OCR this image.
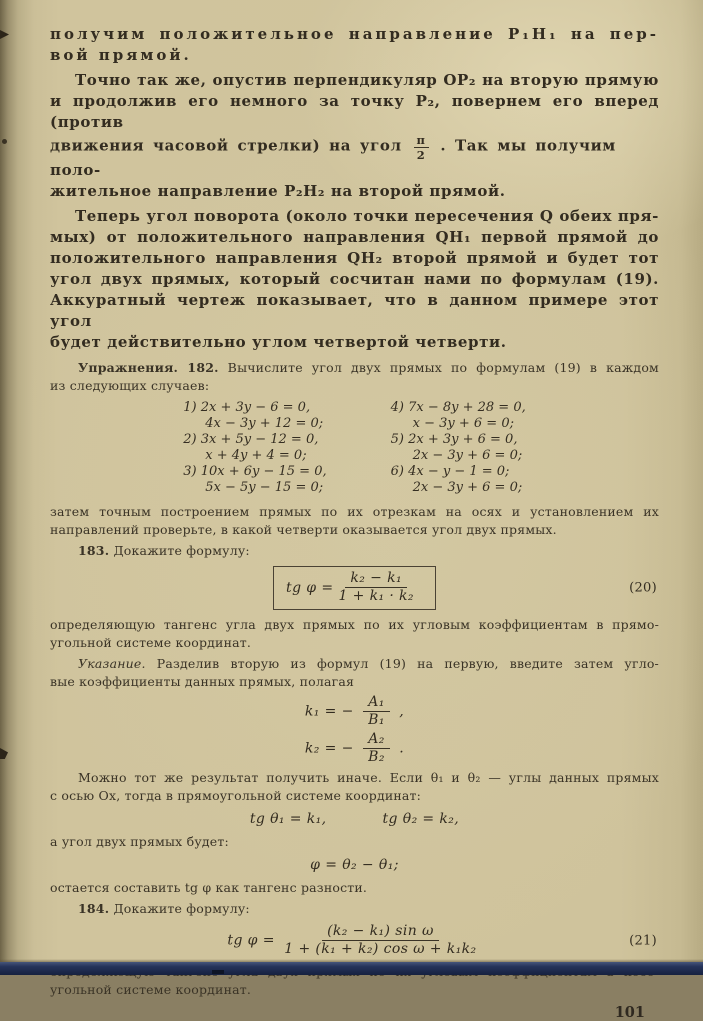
получим положительное направление P₁H₁ на пер-
вой прямой.

Точно так же, опустив перпендикуляр OP₂ на вторую прямую
и продолжив его немного за точку P₂, повернем его вперед (против
движения часовой стрелки) на угол $\frac{\pi}{2}$ . Так мы получим поло-
жительное направление P₂H₂ на второй прямой.

Теперь угол поворота (около точки пересечения Q обеих пря-
мых) от положительного направления QH₁ первой прямой до
положительного направления QH₂ второй прямой и будет тот
угол двух прямых, который сосчитан нами по формулам (19).
Аккуратный чертеж показывает, что в данном примере этот угол
будет действительно углом четвертой четверти.

Упражнения. 182. Вычислите угол двух прямых по формулам (19) в каждом
из следующих случаев:
1) 2x + 3y − 6 = 0,
4x − 3y + 12 = 0;
2) 3x + 5y − 12 = 0,
x + 4y + 4 = 0;
3) 10x + 6y − 15 = 0,
5x − 5y − 15 = 0;
4) 7x − 8y + 28 = 0,
x − 3y + 6 = 0;
5) 2x + 3y + 6 = 0,
2x − 3y + 6 = 0;
6) 4x − y − 1 = 0;
2x − 3y + 6 = 0;
затем точным построением прямых по их отрезкам на осях и установлением их
направлений проверьте, в какой четверти оказывается угол двух прямых.
183. Докажите формулу:
tg $\varphi = \frac{\text{k₂ − k₁}}{\text{1 + k₁ · k₂}}$	(20)
определяющую тангенс угла двух прямых по их угловым коэффициентам в прямо-
угольной системе координат.
Указание. Разделив вторую из формул (19) на первую, введите затем угло-
вые коэффициенты данных прямых, полагая
k₁ = − $\frac{\text{A₁}}{\text{B₁}}$ ,
k₂ = − $\frac{\text{A₂}}{\text{B₂}}$ .
Можно тот же результат получить иначе. Если θ₁ и θ₂ — углы данных прямых
с осью Ox, тогда в прямоугольной системе координат:
tg θ₁ = k₁,	tg θ₂ = k₂,
а угол двух прямых будет:
φ = θ₂ − θ₁;
остается составить tg φ как тангенс разности.
184. Докажите формулу:
tg $\varphi = \frac{\text{(k₂ − k₁) sin ω}}{\text{1 + (k₁ + k₂) cos ω + k₁k₂}}$	(21)
угольной системе координат.
101
